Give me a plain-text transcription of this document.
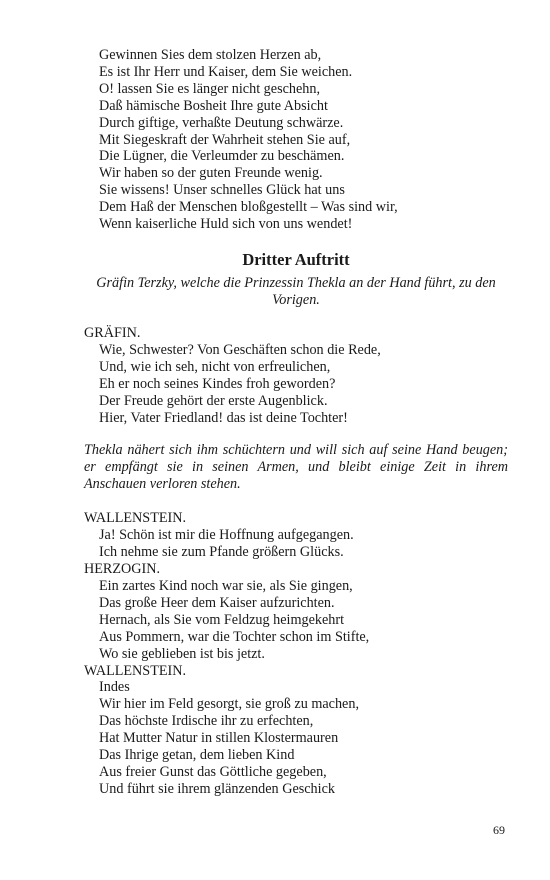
Gewinnen Sies dem stolzen Herzen ab,
Es ist Ihr Herr und Kaiser, dem Sie weichen.
O! lassen Sie es länger nicht geschehn,
Daß hämische Bosheit Ihre gute Absicht
Durch giftige, verhaßte Deutung schwärze.
Mit Siegeskraft der Wahrheit stehen Sie auf,
Die Lügner, die Verleumder zu beschämen.
Wir haben so der guten Freunde wenig.
Sie wissens! Unser schnelles Glück hat uns
Dem Haß der Menschen bloßgestellt – Was sind wir,
Wenn kaiserliche Huld sich von uns wendet!
Dritter Auftritt

Gräfin Terzky, welche die Prinzessin Thekla an der Hand führt, zu den Vorigen.

GRÄFIN.
Wie, Schwester? Von Geschäften schon die Rede,
Und, wie ich seh, nicht von erfreulichen,
Eh er noch seines Kindes froh geworden?
Der Freude gehört der erste Augenblick.
Hier, Vater Friedland! das ist deine Tochter!

Thekla nähert sich ihm schüchtern und will sich auf seine Hand beugen; er empfängt sie in seinen Armen, und bleibt einige Zeit in ihrem Anschauen verloren stehen.

WALLENSTEIN.
Ja! Schön ist mir die Hoffnung aufgegangen.
Ich nehme sie zum Pfande größern Glücks.
HERZOGIN.
Ein zartes Kind noch war sie, als Sie gingen,
Das große Heer dem Kaiser aufzurichten.
Hernach, als Sie vom Feldzug heimgekehrt
Aus Pommern, war die Tochter schon im Stifte,
Wo sie geblieben ist bis jetzt.
WALLENSTEIN.
Indes
Wir hier im Feld gesorgt, sie groß zu machen,
Das höchste Irdische ihr zu erfechten,
Hat Mutter Natur in stillen Klostermauren
Das Ihrige getan, dem lieben Kind
Aus freier Gunst das Göttliche gegeben,
Und führt sie ihrem glänzenden Geschick
69
